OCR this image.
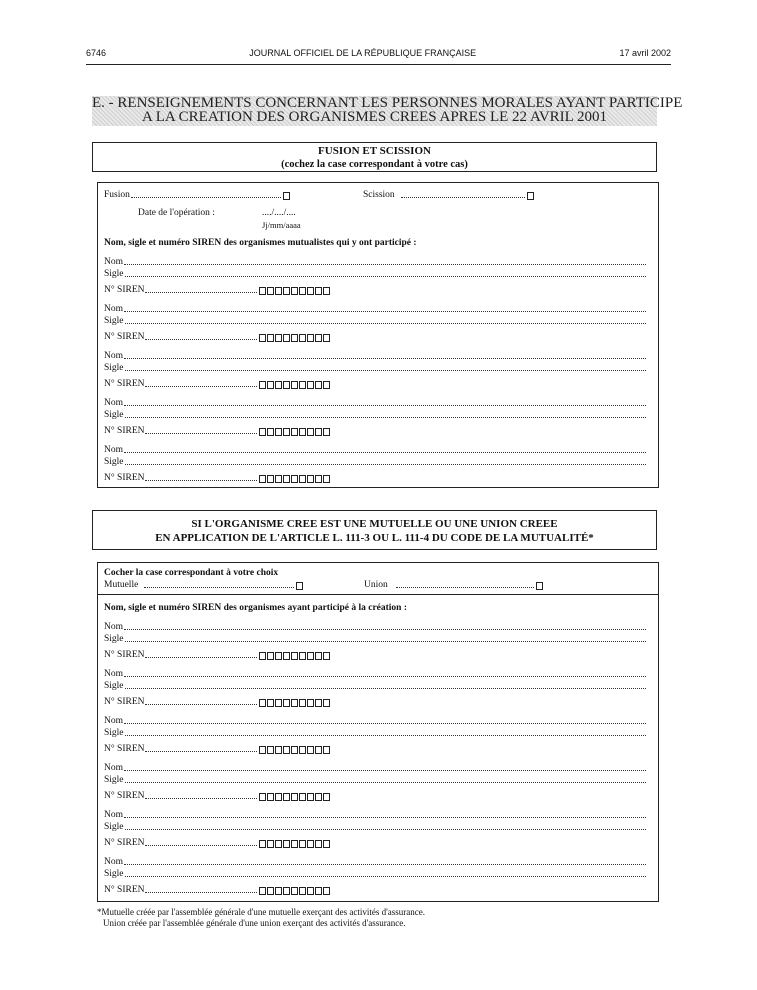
6746	JOURNAL OFFICIEL DE LA RÉPUBLIQUE FRANÇAISE	17 avril 2002
E. - RENSEIGNEMENTS CONCERNANT LES PERSONNES MORALES AYANT PARTICIPE
A LA CREATION DES ORGANISMES CREES APRES LE 22 AVRIL 2001
FUSION ET SCISSION
(cochez la case correspondant à votre cas)
Fusion	Scission
Date de l'opération :	..../..../....
Jj/mm/aaaa
Nom, sigle et numéro SIREN des organismes mutualistes qui y ont participé :
Nom
Sigle
N° SIREN
Nom
Sigle
N° SIREN
Nom
Sigle
N° SIREN
Nom
Sigle
N° SIREN
Nom
Sigle
N° SIREN
SI L'ORGANISME CREE EST UNE MUTUELLE OU UNE UNION CREEE
EN APPLICATION DE L'ARTICLE L. 111-3 OU L. 111-4 DU CODE DE LA MUTUALITÉ*
Cocher la case correspondant à votre choix
Mutuelle	Union
Nom, sigle et numéro SIREN des organismes ayant participé à la création :
Nom
Sigle
N° SIREN
Nom
Sigle
N° SIREN
Nom
Sigle
N° SIREN
Nom
Sigle
N° SIREN
Nom
Sigle
N° SIREN
Nom
Sigle
N° SIREN
*Mutuelle créée par l'assemblée générale d'une mutuelle exerçant des activités d'assurance.
Union créée par l'assemblée générale d'une union exerçant des activités d'assurance.
